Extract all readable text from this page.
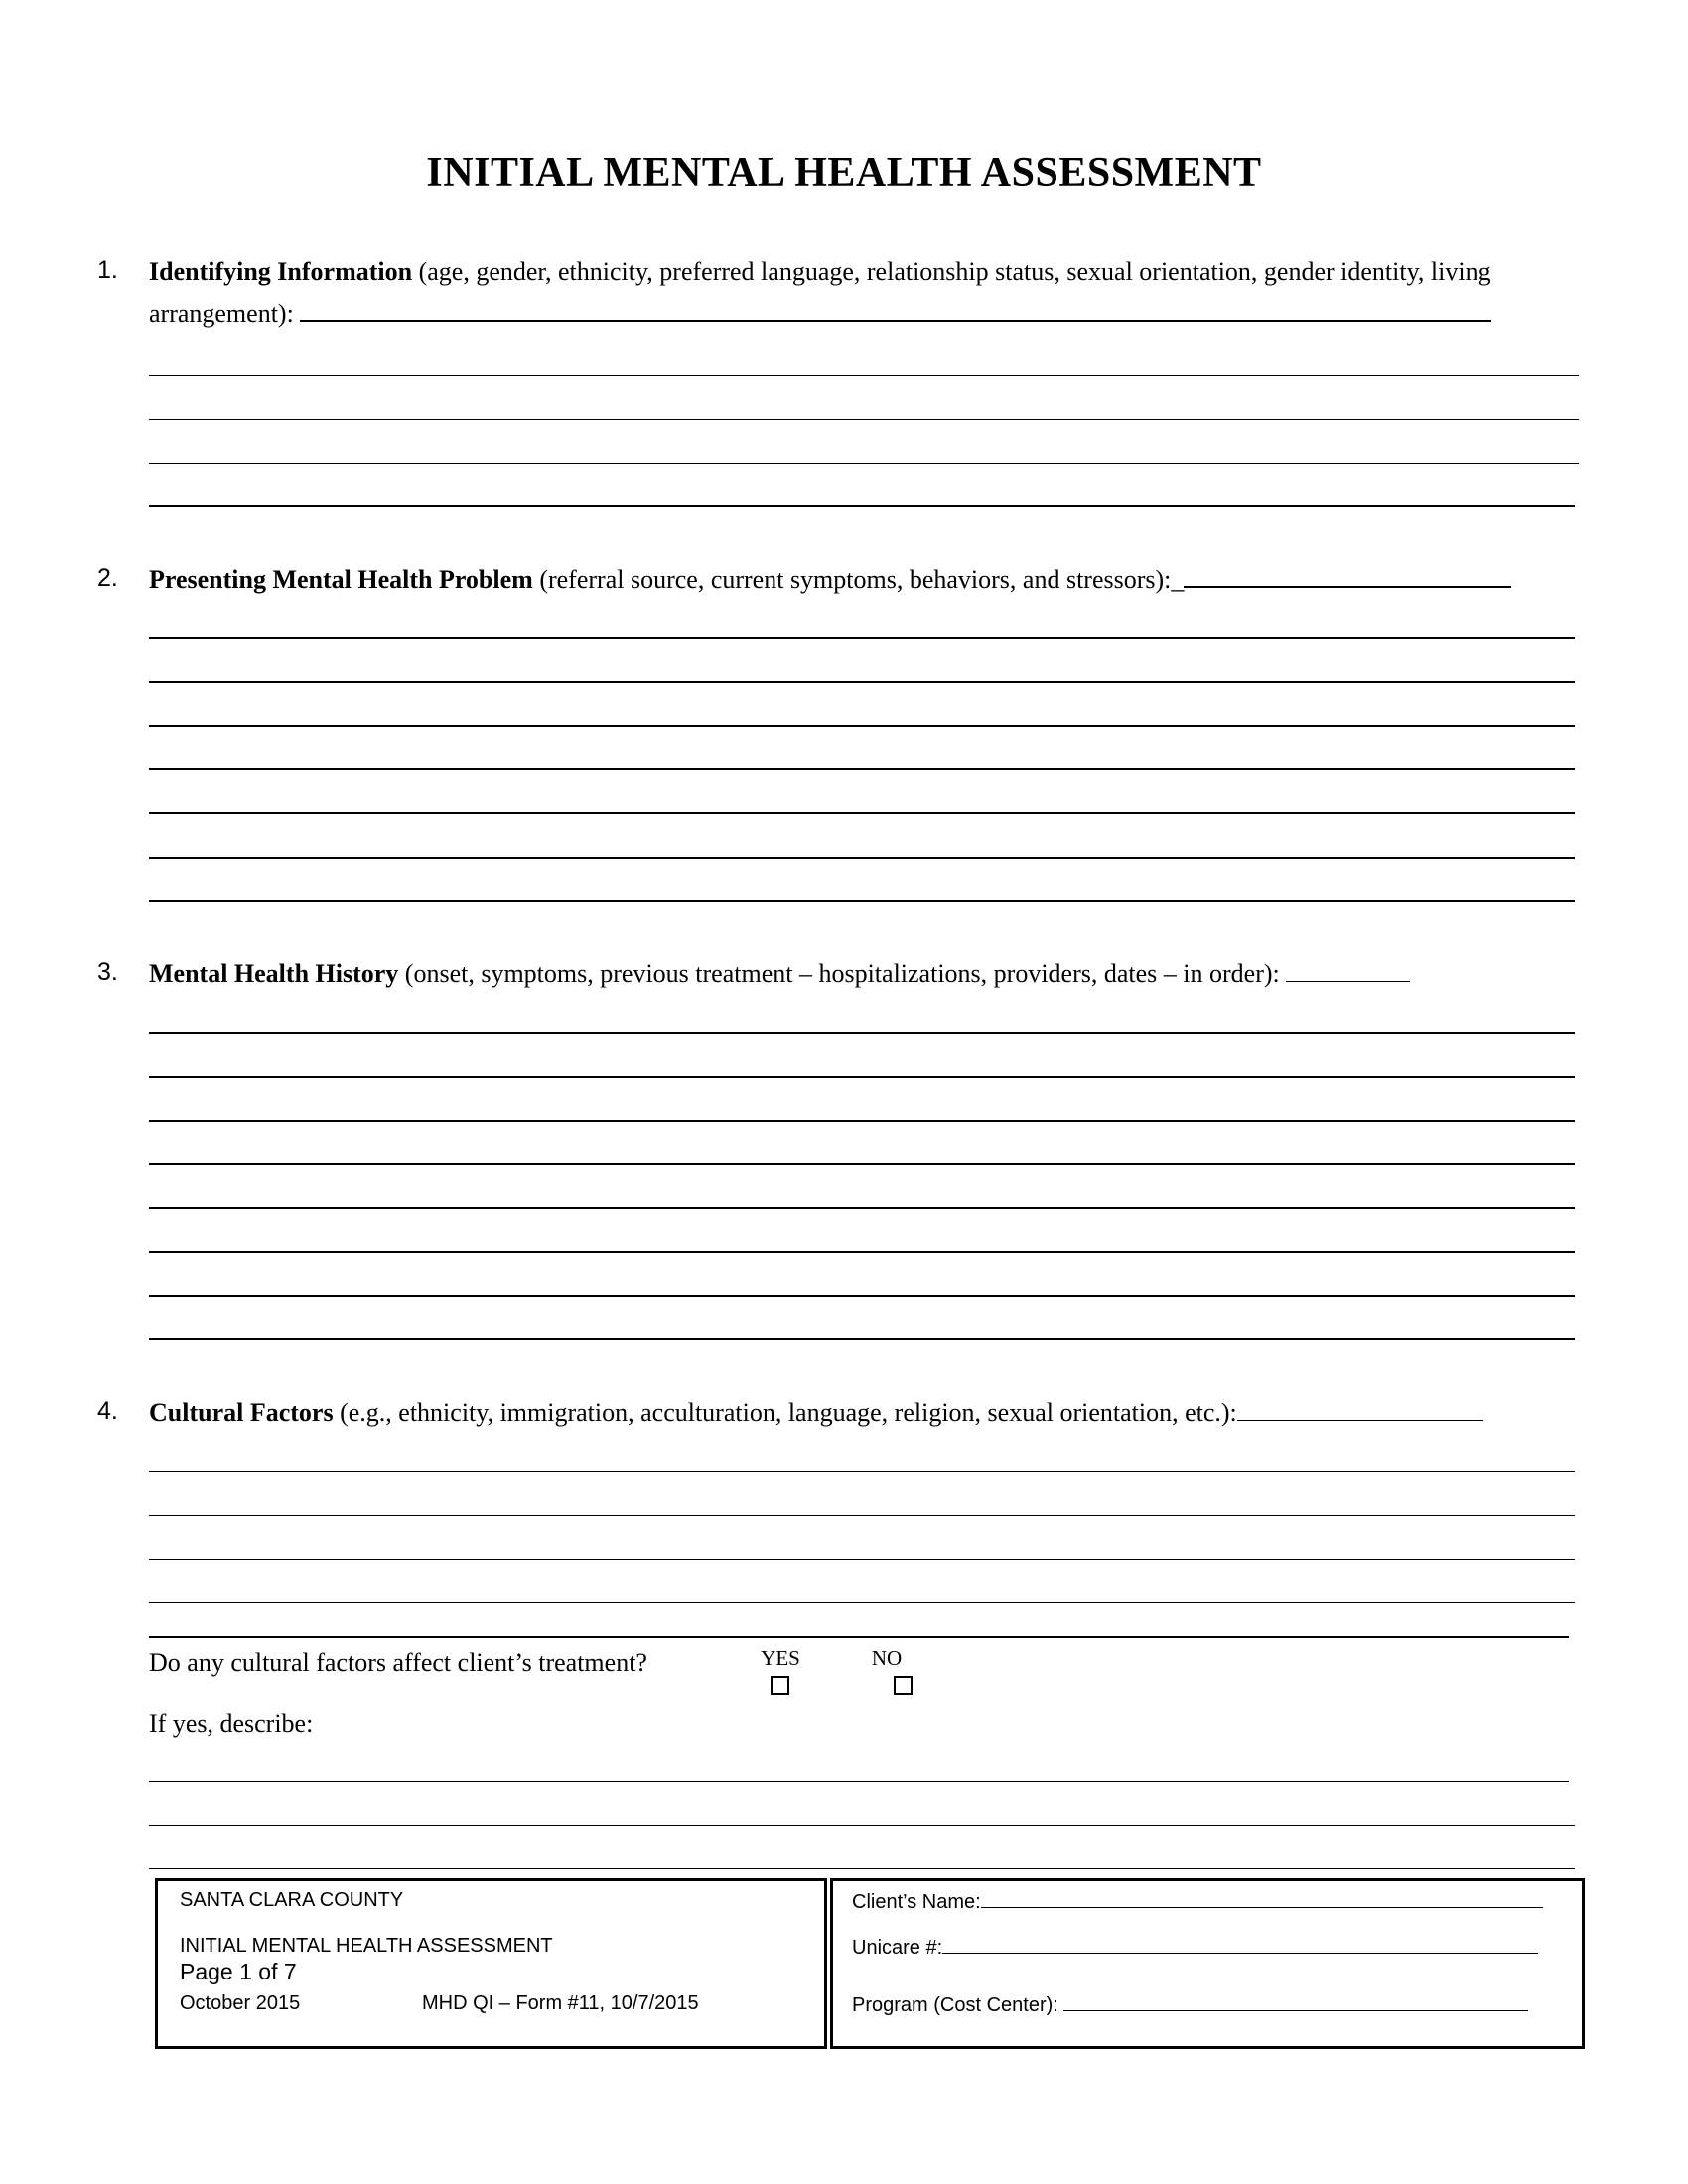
INITIAL MENTAL HEALTH ASSESSMENT
1.	Identifying Information (age, gender, ethnicity, preferred language, relationship status, sexual orientation, gender identity, living
arrangement):
2.	Presenting Mental Health Problem (referral source, current symptoms, behaviors, and stressors):_
3.	Mental Health History (onset, symptoms, previous treatment – hospitalizations, providers, dates – in order):
4.	Cultural Factors (e.g., ethnicity, immigration, acculturation, language, religion, sexual orientation, etc.):
Do any cultural factors affect client’s treatment?	YES	NO
If yes, describe:
SANTA CLARA COUNTY
INITIAL MENTAL HEALTH ASSESSMENT
Page 1 of 7
October 2015	MHD QI – Form #11, 10/7/2015
Client’s Name:
Unicare #:
Program (Cost Center):
